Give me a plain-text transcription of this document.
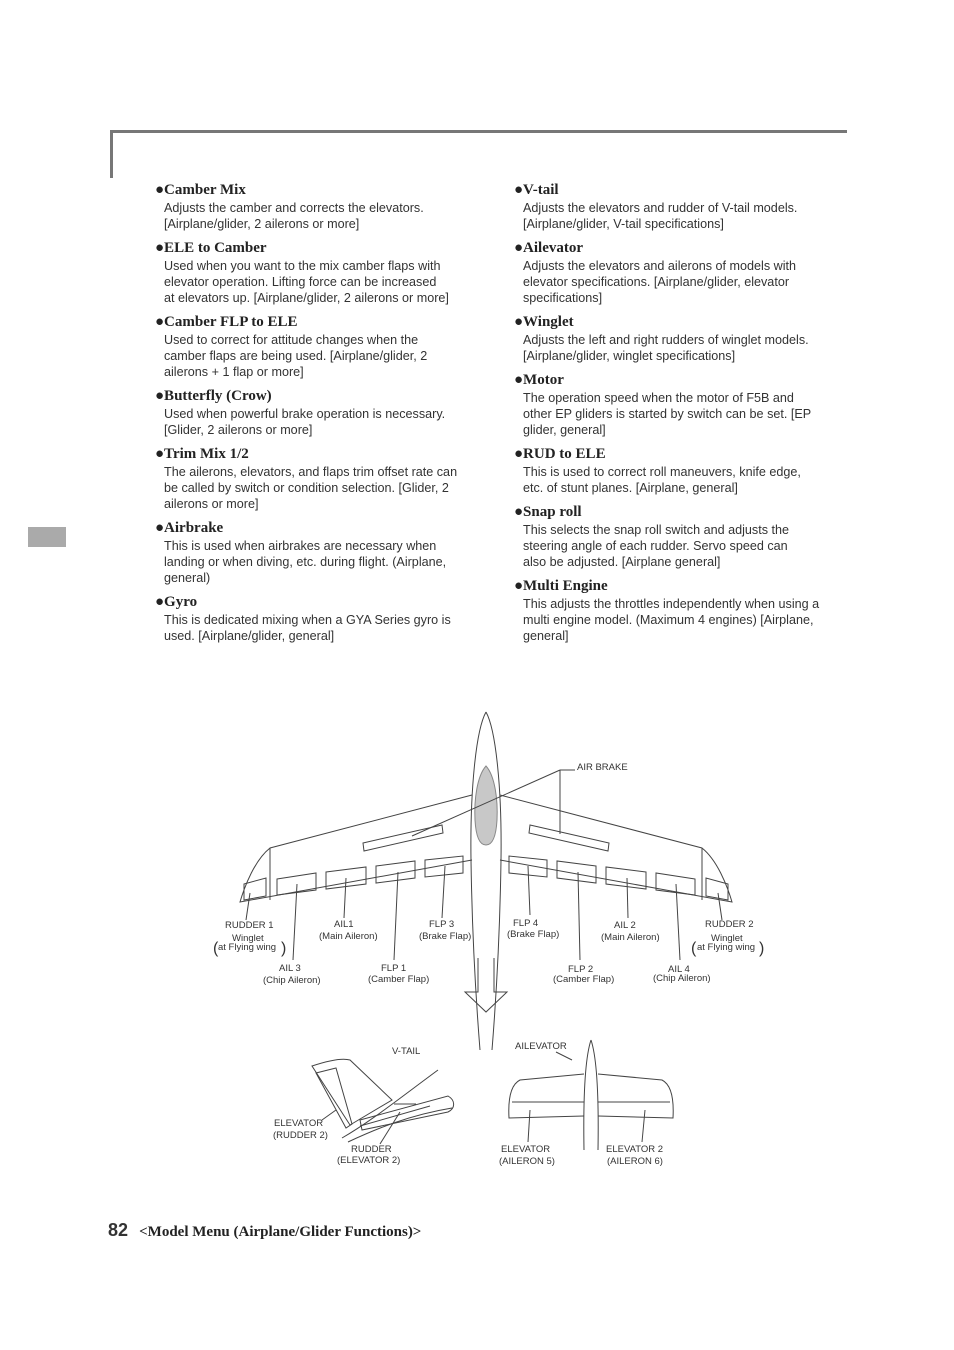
●Camber Mix

Adjusts the camber and corrects the elevators.
[Airplane/glider, 2 ailerons or more]

●ELE to Camber

Used when you want to the mix camber flaps with
elevator operation. Lifting force can be increased
at elevators up. [Airplane/glider, 2 ailerons or more]

●Camber FLP to ELE

Used to correct for attitude changes when the
camber flaps are being used. [Airplane/glider, 2
ailerons + 1 flap or more]

●Butterfly (Crow)

Used when powerful brake operation is necessary.
[Glider, 2 ailerons or more]

●Trim Mix 1/2

The ailerons, elevators, and flaps trim offset rate can
be called by switch or condition selection. [Glider, 2
ailerons or more]

●Airbrake

This is used when airbrakes are necessary when
landing or when diving, etc. during flight. (Airplane,
general)

●Gyro

This is dedicated mixing when a GYA Series gyro is
used. [Airplane/glider, general]

●V-tail

Adjusts the elevators and rudder of V-tail models.
[Airplane/glider, V-tail specifications]

●Ailevator

Adjusts the elevators and ailerons of models with
elevator specifications. [Airplane/glider, elevator
specifications]

●Winglet

Adjusts the left and right rudders of winglet models.
[Airplane/glider, winglet specifications]

●Motor

The operation speed when the motor of F5B and
other EP gliders is started by switch can be set. [EP
glider, general]

●RUD to ELE

This is used to correct roll maneuvers, knife edge,
etc. of stunt planes. [Airplane, general]

●Snap roll

This selects the snap roll switch and adjusts the
steering angle of each rudder. Servo speed can
also be adjusted. [Airplane general]

●Multi Engine

This adjusts the throttles independently when using a
multi engine model. (Maximum 4 engines) [Airplane,
general]

AIR BRAKE
RUDDER 1
Winglet
at Flying wing
(	)
AIL1
(Main Aileron)
FLP 3
(Brake Flap)
FLP 4
(Brake Flap)
AIL 2
(Main Aileron)
RUDDER 2
Winglet
at Flying wing
(	)
AIL 3
(Chip Aileron)
FLP 1
(Camber Flap)
FLP 2
(Camber Flap)
AIL 4
(Chip Aileron)
V-TAIL
ELEVATOR
(RUDDER 2)
RUDDER
(ELEVATOR 2)
AILEVATOR
ELEVATOR
(AILERON 5)
ELEVATOR 2
(AILERON 6)
82 <Model Menu (Airplane/Glider Functions)>
